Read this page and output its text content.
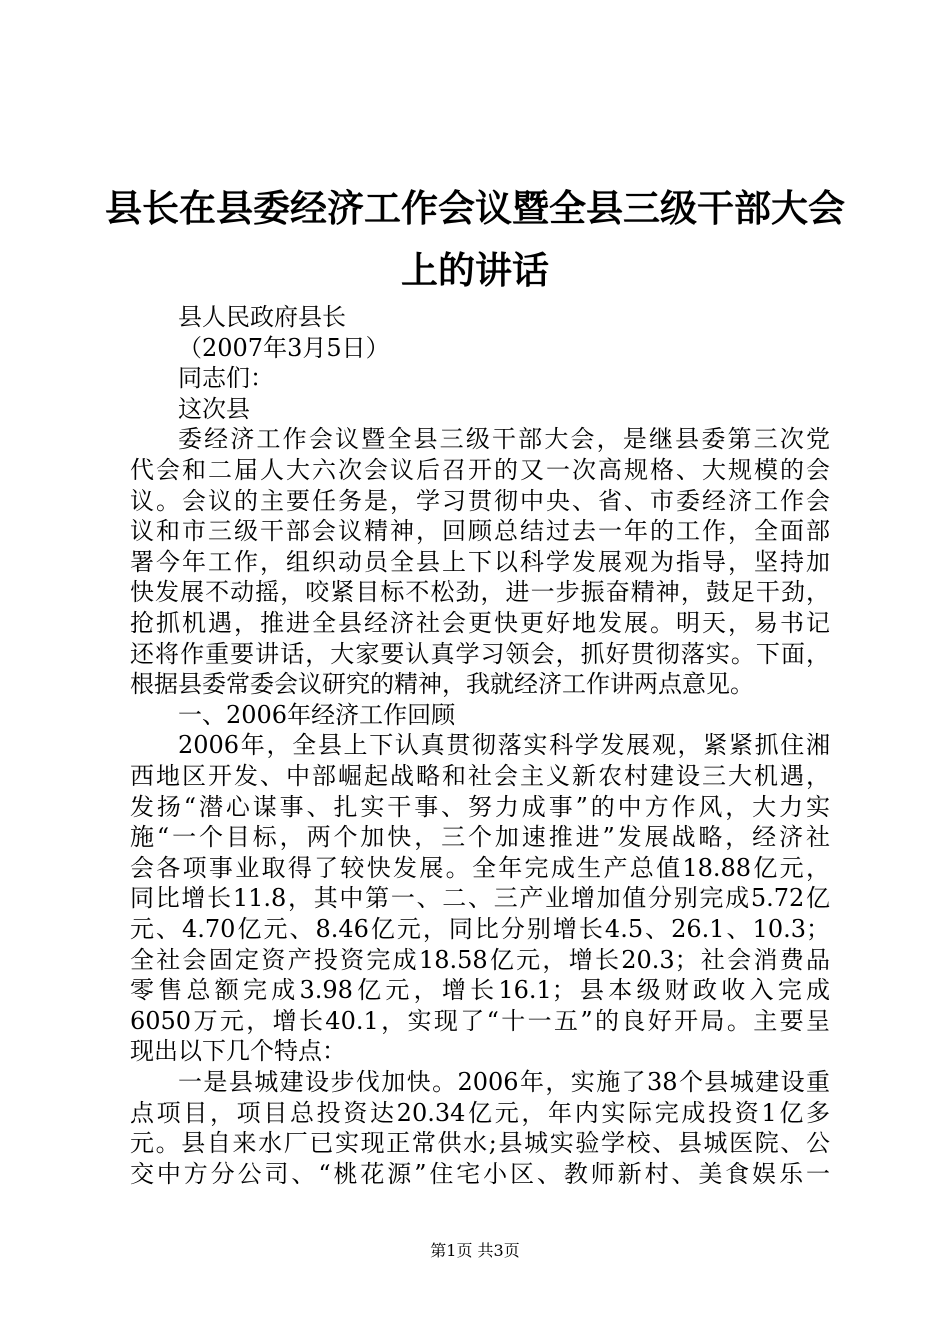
县长在县委经济工作会议暨全县三级干部大会
上的讲话
县人民政府县长
（2007年3月5日）
同志们：
这次县
委经济工作会议暨全县三级干部大会，是继县委第三次党
代会和二届人大六次会议后召开的又一次高规格、大规模的会
议。会议的主要任务是，学习贯彻中央、省、市委经济工作会
议和市三级干部会议精神，回顾总结过去一年的工作，全面部
署今年工作，组织动员全县上下以科学发展观为指导，坚持加
快发展不动摇，咬紧目标不松劲，进一步振奋精神，鼓足干劲，
抢抓机遇，推进全县经济社会更快更好地发展。明天，易书记
还将作重要讲话，大家要认真学习领会，抓好贯彻落实。下面，
根据县委常委会议研究的精神，我就经济工作讲两点意见。
一、2006年经济工作回顾
2006年，全县上下认真贯彻落实科学发展观，紧紧抓住湘
西地区开发、中部崛起战略和社会主义新农村建设三大机遇，
发扬“潜心谋事、扎实干事、努力成事”的中方作风，大力实
施“一个目标，两个加快，三个加速推进”发展战略，经济社
会各项事业取得了较快发展。全年完成生产总值18.88亿元，
同比增长11.8，其中第一、二、三产业增加值分别完成5.72亿
元、4.70亿元、8.46亿元，同比分别增长4.5、26.1、10.3；
全社会固定资产投资完成18.58亿元，增长20.3；社会消费品
零售总额完成3.98亿元，增长16.1；县本级财政收入完成
6050万元，增长40.1，实现了“十一五”的良好开局。主要呈
现出以下几个特点：
一是县城建设步伐加快。2006年，实施了38个县城建设重
点项目，项目总投资达20.34亿元，年内实际完成投资1亿多
元。县自来水厂已实现正常供水;县城实验学校、县城医院、公
交中方分公司、“桃花源”住宅小区、教师新村、美食娱乐一
第1页 共3页
